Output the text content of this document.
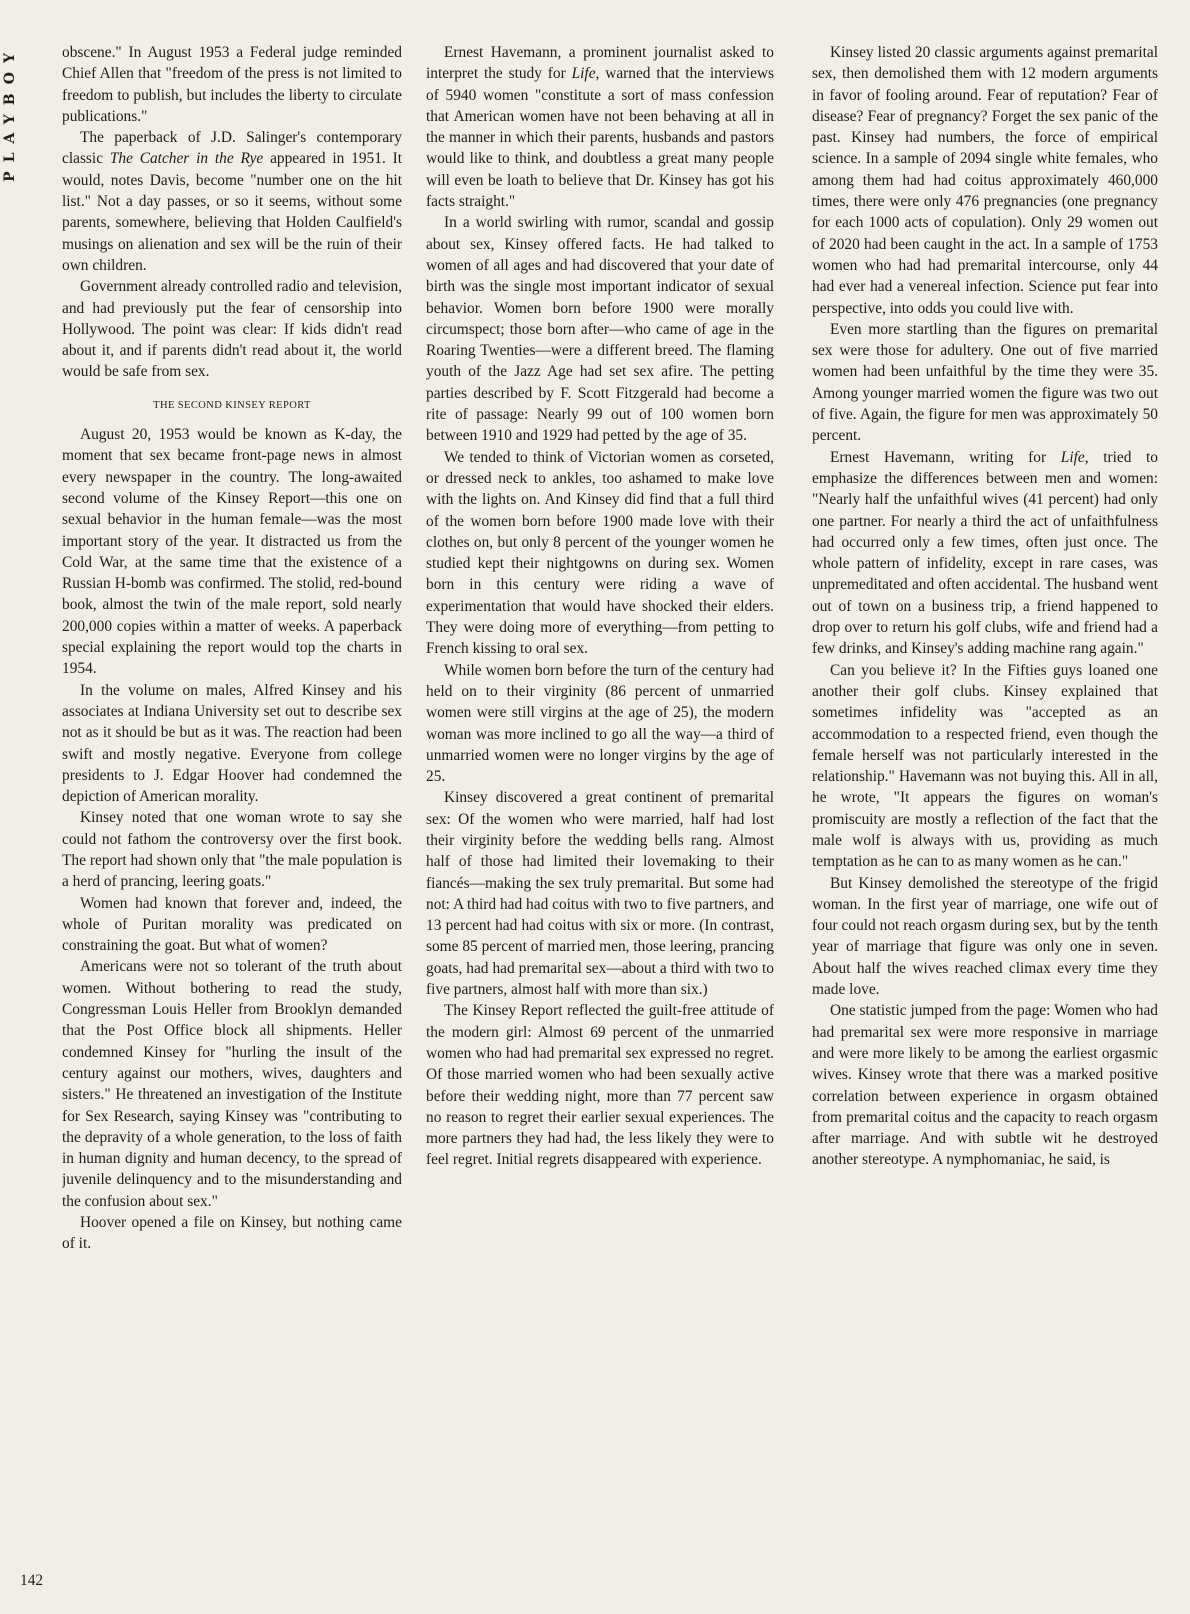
PLAYBOY	obscene." In August 1953 a Federal judge reminded Chief Allen that "freedom of the press is not limited to freedom to publish, but includes the liberty to circulate publications."

The paperback of J.D. Salinger's contemporary classic The Catcher in the Rye appeared in 1951. It would, notes Davis, become "number one on the hit list." Not a day passes, or so it seems, without some parents, somewhere, believing that Holden Caulfield's musings on alienation and sex will be the ruin of their own children.

Government already controlled radio and television, and had previously put the fear of censorship into Hollywood. The point was clear: If kids didn't read about it, and if parents didn't read about it, the world would be safe from sex.

THE SECOND KINSEY REPORT

August 20, 1953 would be known as K-day, the moment that sex became front-page news in almost every newspaper in the country. The long-awaited second volume of the Kinsey Report—this one on sexual behavior in the human female—was the most important story of the year. It distracted us from the Cold War, at the same time that the existence of a Russian H-bomb was confirmed. The stolid, red-bound book, almost the twin of the male report, sold nearly 200,000 copies within a matter of weeks. A paperback special explaining the report would top the charts in 1954.

In the volume on males, Alfred Kinsey and his associates at Indiana University set out to describe sex not as it should be but as it was. The reaction had been swift and mostly negative. Everyone from college presidents to J. Edgar Hoover had condemned the depiction of American morality.

Kinsey noted that one woman wrote to say she could not fathom the controversy over the first book. The report had shown only that "the male population is a herd of prancing, leering goats."

Women had known that forever and, indeed, the whole of Puritan morality was predicated on constraining the goat. But what of women?

Americans were not so tolerant of the truth about women. Without bothering to read the study, Congressman Louis Heller from Brooklyn demanded that the Post Office block all shipments. Heller condemned Kinsey for "hurling the insult of the century against our mothers, wives, daughters and sisters." He threatened an investigation of the Institute for Sex Research, saying Kinsey was "contributing to the depravity of a whole generation, to the loss of faith in human dignity and human decency, to the spread of juvenile delinquency and to the misunderstanding and the confusion about sex."

Hoover opened a file on Kinsey, but nothing came of it.

142

Ernest Havemann, a prominent journalist asked to interpret the study for Life, warned that the interviews of 5940 women "constitute a sort of mass confession that American women have not been behaving at all in the manner in which their parents, husbands and pastors would like to think, and doubtless a great many people will even be loath to believe that Dr. Kinsey has got his facts straight."

In a world swirling with rumor, scandal and gossip about sex, Kinsey offered facts. He had talked to women of all ages and had discovered that your date of birth was the single most important indicator of sexual behavior. Women born before 1900 were morally circumspect; those born after—who came of age in the Roaring Twenties—were a different breed. The flaming youth of the Jazz Age had set sex afire. The petting parties described by F. Scott Fitzgerald had become a rite of passage: Nearly 99 out of 100 women born between 1910 and 1929 had petted by the age of 35.

We tended to think of Victorian women as corseted, or dressed neck to ankles, too ashamed to make love with the lights on. And Kinsey did find that a full third of the women born before 1900 made love with their clothes on, but only 8 percent of the younger women he studied kept their nightgowns on during sex. Women born in this century were riding a wave of experimentation that would have shocked their elders. They were doing more of everything—from petting to French kissing to oral sex.

While women born before the turn of the century had held on to their virginity (86 percent of unmarried women were still virgins at the age of 25), the modern woman was more inclined to go all the way—a third of unmarried women were no longer virgins by the age of 25.

Kinsey discovered a great continent of premarital sex: Of the women who were married, half had lost their virginity before the wedding bells rang. Almost half of those had limited their lovemaking to their fiancés—making the sex truly premarital. But some had not: A third had had coitus with two to five partners, and 13 percent had had coitus with six or more. (In contrast, some 85 percent of married men, those leering, prancing goats, had had premarital sex—about a third with two to five partners, almost half with more than six.)

The Kinsey Report reflected the guilt-free attitude of the modern girl: Almost 69 percent of the unmarried women who had had premarital sex expressed no regret. Of those married women who had been sexually active before their wedding night, more than 77 percent saw no reason to regret their earlier sexual experiences. The more partners they had had, the less likely they were to feel regret. Initial regrets disappeared with experience.

Kinsey listed 20 classic arguments against premarital sex, then demolished them with 12 modern arguments in favor of fooling around. Fear of reputation? Fear of disease? Fear of pregnancy? Forget the sex panic of the past. Kinsey had numbers, the force of empirical science. In a sample of 2094 single white females, who among them had had coitus approximately 460,000 times, there were only 476 pregnancies (one pregnancy for each 1000 acts of copulation). Only 29 women out of 2020 had been caught in the act. In a sample of 1753 women who had had premarital intercourse, only 44 had ever had a venereal infection. Science put fear into perspective, into odds you could live with.

Even more startling than the figures on premarital sex were those for adultery. One out of five married women had been unfaithful by the time they were 35. Among younger married women the figure was two out of five. Again, the figure for men was approximately 50 percent.

Ernest Havemann, writing for Life, tried to emphasize the differences between men and women: "Nearly half the unfaithful wives (41 percent) had only one partner. For nearly a third the act of unfaithfulness had occurred only a few times, often just once. The whole pattern of infidelity, except in rare cases, was unpremeditated and often accidental. The husband went out of town on a business trip, a friend happened to drop over to return his golf clubs, wife and friend had a few drinks, and Kinsey's adding machine rang again."

Can you believe it? In the Fifties guys loaned one another their golf clubs. Kinsey explained that sometimes infidelity was "accepted as an accommodation to a respected friend, even though the female herself was not particularly interested in the relationship." Havemann was not buying this. All in all, he wrote, "It appears the figures on woman's promiscuity are mostly a reflection of the fact that the male wolf is always with us, providing as much temptation as he can to as many women as he can."

But Kinsey demolished the stereotype of the frigid woman. In the first year of marriage, one wife out of four could not reach orgasm during sex, but by the tenth year of marriage that figure was only one in seven. About half the wives reached climax every time they made love.

One statistic jumped from the page: Women who had had premarital sex were more responsive in marriage and were more likely to be among the earliest orgasmic wives. Kinsey wrote that there was a marked positive correlation between experience in orgasm obtained from premarital coitus and the capacity to reach orgasm after marriage. And with subtle wit he destroyed another stereotype. A nymphomaniac, he said, is
